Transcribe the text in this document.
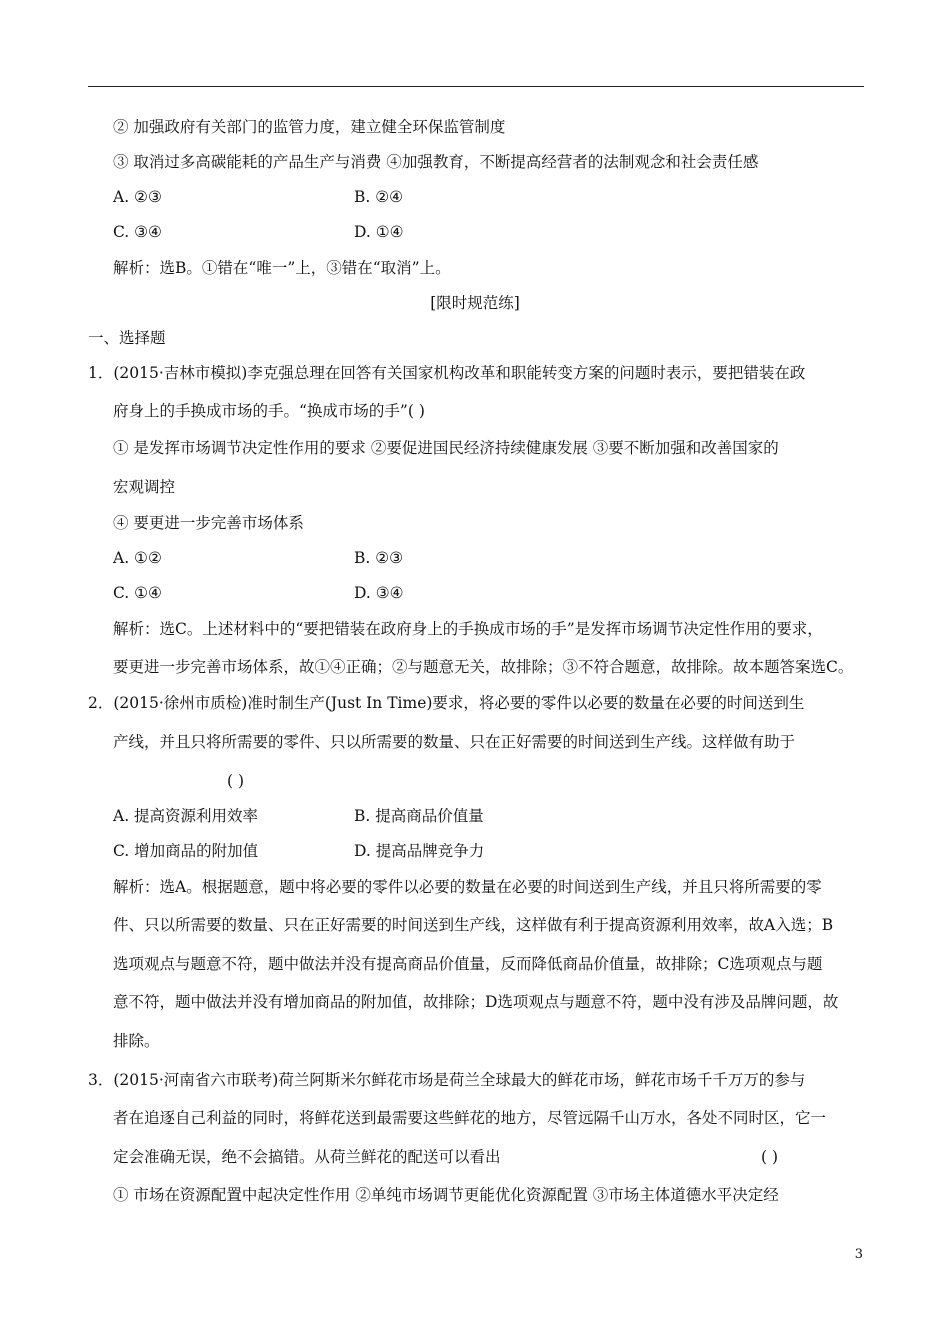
② 加强政府有关部门的监管力度，建立健全环保监管制度
③ 取消过多高碳能耗的产品生产与消费 ④加强教育，不断提高经营者的法制观念和社会责任感
A. ②③	B. ②④
C. ③④	D. ①④
解析：选B。①错在“唯一”上，③错在“取消”上。
[限时规范练]
一、选择题
1．(2015·吉林市模拟)李克强总理在回答有关国家机构改革和职能转变方案的问题时表示，要把错装在政
府身上的手换成市场的手。“换成市场的手”( )
① 是发挥市场调节决定性作用的要求 ②要促进国民经济持续健康发展 ③要不断加强和改善国家的
宏观调控
④ 要更进一步完善市场体系
A. ①②	B. ②③
C. ①④	D. ③④
解析：选C。上述材料中的“要把错装在政府身上的手换成市场的手”是发挥市场调节决定性作用的要求，
要更进一步完善市场体系，故①④正确；②与题意无关，故排除；③不符合题意，故排除。故本题答案选C。
2．(2015·徐州市质检)准时制生产(Just In Time)要求，将必要的零件以必要的数量在必要的时间送到生
产线，并且只将所需要的零件、只以所需要的数量、只在正好需要的时间送到生产线。这样做有助于
( )
A. 提高资源利用效率	B. 提高商品价值量
C. 增加商品的附加值	D. 提高品牌竞争力
解析：选A。根据题意，题中将必要的零件以必要的数量在必要的时间送到生产线，并且只将所需要的零
件、只以所需要的数量、只在正好需要的时间送到生产线，这样做有利于提高资源利用效率，故A入选；B
选项观点与题意不符，题中做法并没有提高商品价值量，反而降低商品价值量，故排除；C选项观点与题
意不符，题中做法并没有增加商品的附加值，故排除；D选项观点与题意不符，题中没有涉及品牌问题，故
排除。
3．(2015·河南省六市联考)荷兰阿斯米尔鲜花市场是荷兰全球最大的鲜花市场，鲜花市场千千万万的参与
者在追逐自己利益的同时，将鲜花送到最需要这些鲜花的地方，尽管远隔千山万水，各处不同时区，它一
定会准确无误，绝不会搞错。从荷兰鲜花的配送可以看出	( )
① 市场在资源配置中起决定性作用 ②单纯市场调节更能优化资源配置 ③市场主体道德水平决定经
3
